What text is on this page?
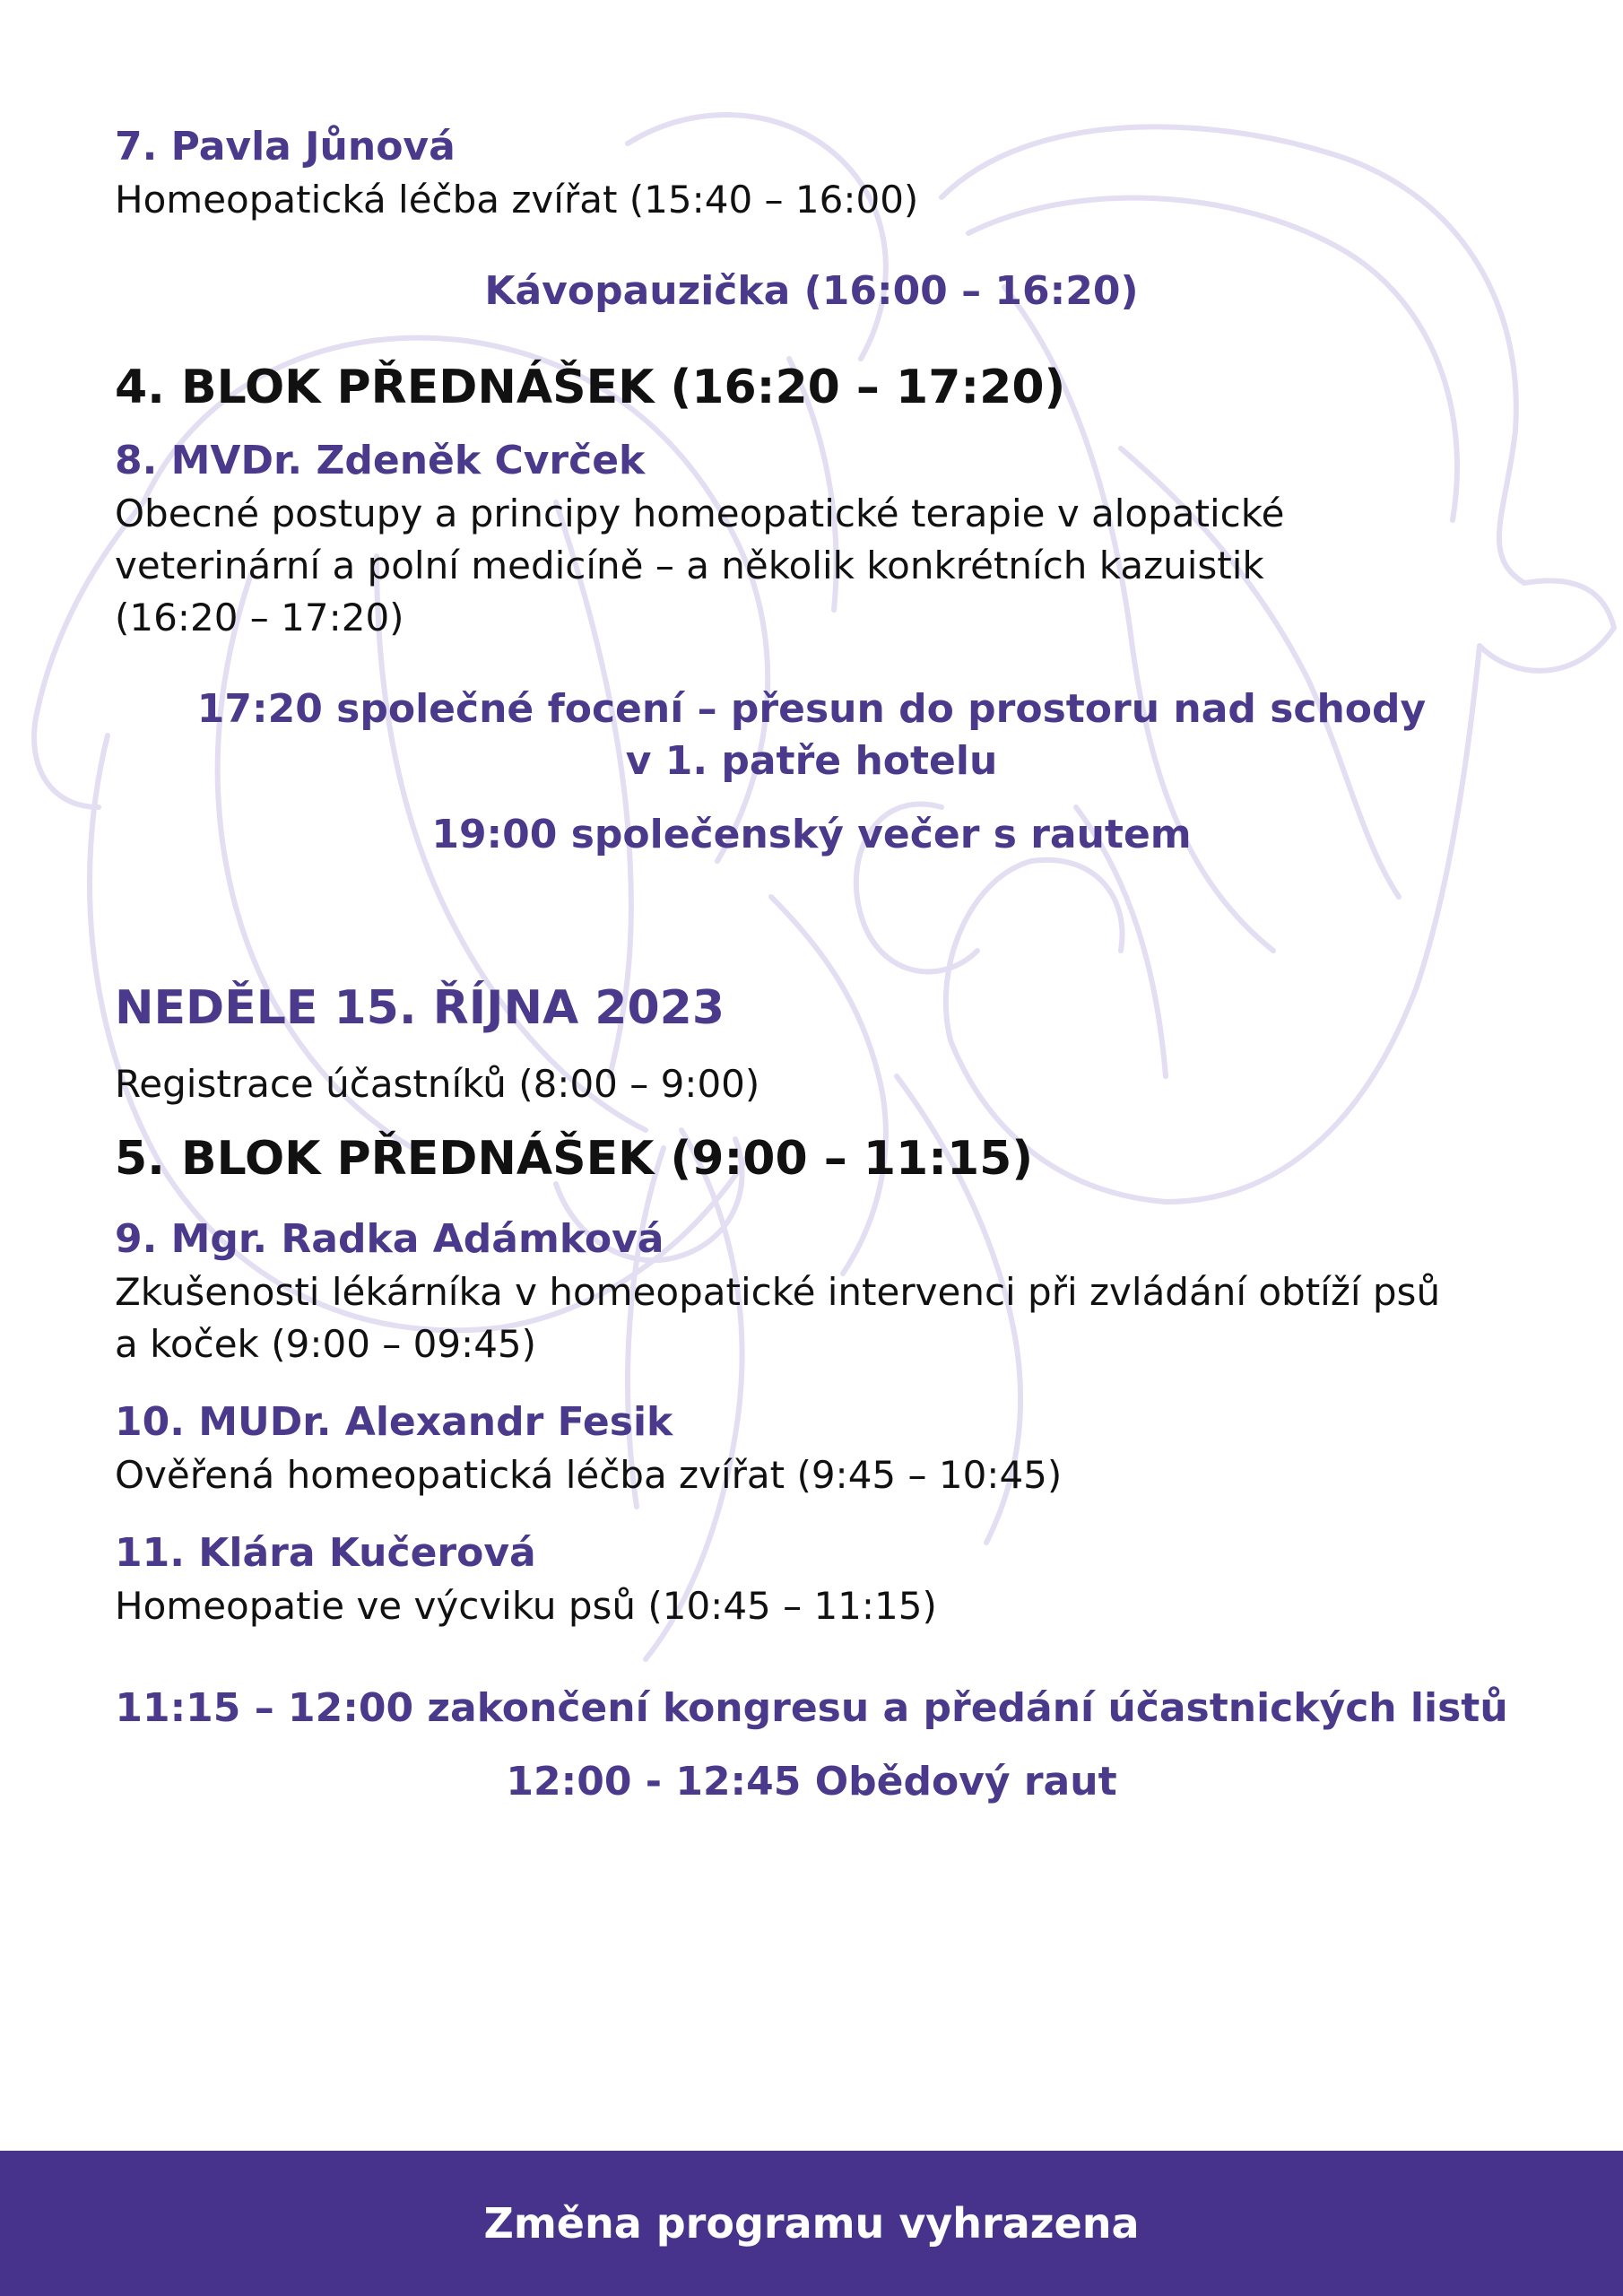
7. Pavla Jůnová
Homeopatická léčba zvířat (15:40 – 16:00)
Kávopauzička (16:00 – 16:20)
4. BLOK PŘEDNÁŠEK (16:20 – 17:20)
8. MVDr. Zdeněk Cvrček
Obecné postupy a principy homeopatické terapie v alopatické
veterinární a polní medicíně – a několik konkrétních kazuistik
(16:20 – 17:20)
17:20 společné focení – přesun do prostoru nad schody
v 1. patře hotelu
19:00 společenský večer s rautem
NEDĚLE 15. ŘÍJNA 2023
Registrace účastníků (8:00 – 9:00)
5. BLOK PŘEDNÁŠEK (9:00 – 11:15)
9. Mgr. Radka Adámková
Zkušenosti lékárníka v homeopatické intervenci při zvládání obtíží psů
a koček (9:00 – 09:45)
10. MUDr. Alexandr Fesik
Ověřená homeopatická léčba zvířat (9:45 – 10:45)
11. Klára Kučerová
Homeopatie ve výcviku psů (10:45 – 11:15)
11:15 – 12:00 zakončení kongresu a předání účastnických listů
12:00 - 12:45 Obědový raut
Změna programu vyhrazena
